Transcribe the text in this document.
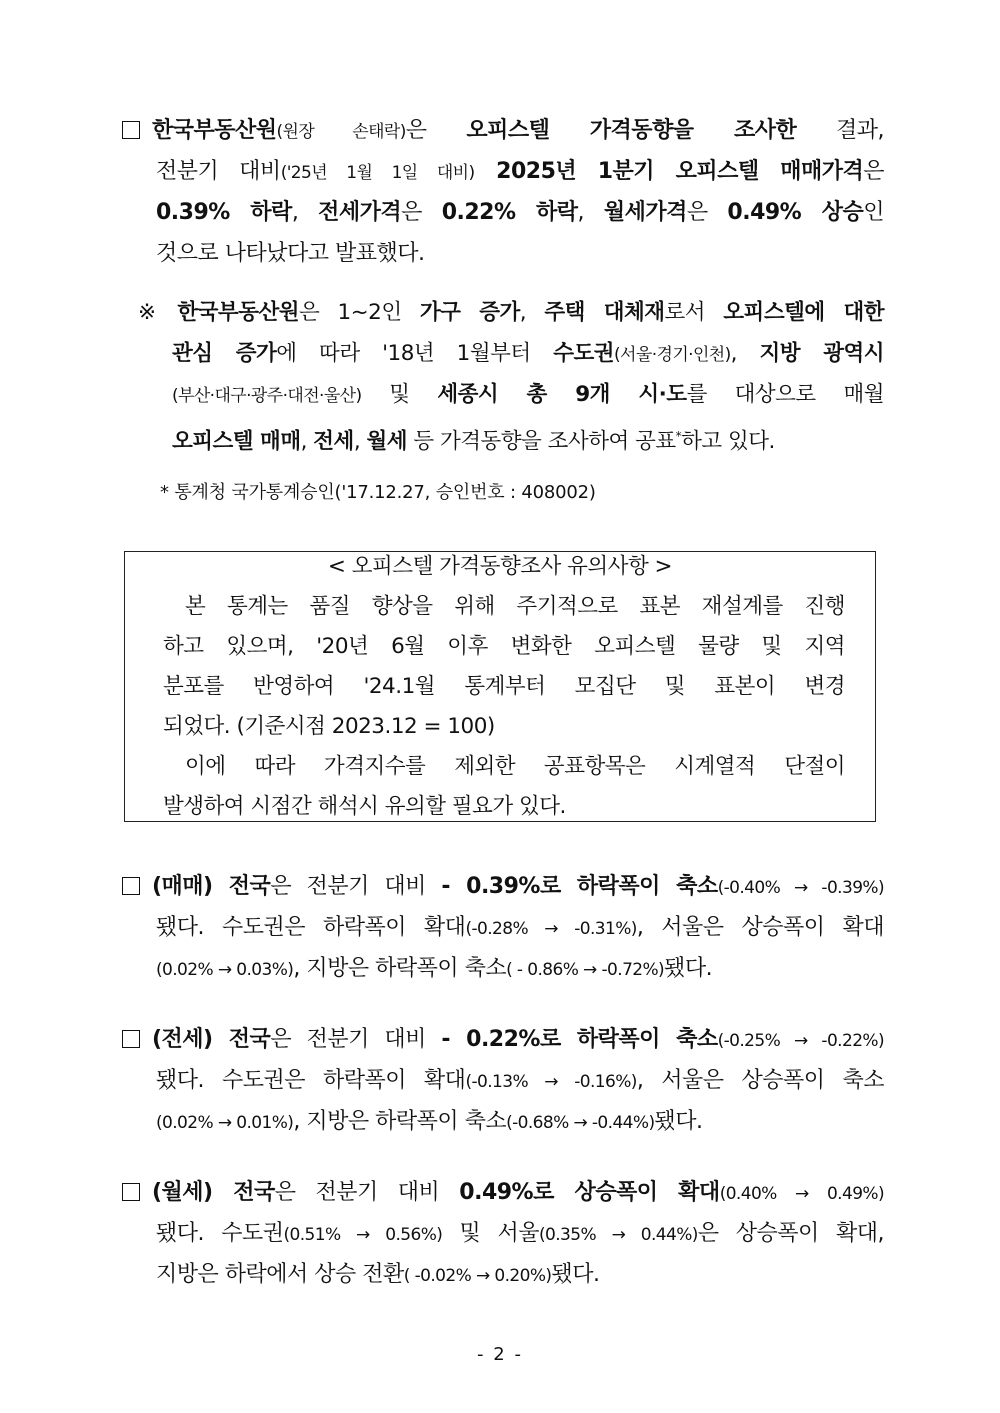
한국부동산원(원장 손태락)은 오피스텔 가격동향을 조사한 결과,
전분기 대비('25년 1월 1일 대비) 2025년 1분기 오피스텔 매매가격은
0.39% 하락, 전세가격은 0.22% 하락, 월세가격은 0.49% 상승인
것으로 나타났다고 발표했다.
※ 한국부동산원은 1~2인 가구 증가, 주택 대체재로서 오피스텔에 대한
관심 증가에 따라 '18년 1월부터 수도권(서울·경기·인천), 지방 광역시
(부산·대구·광주·대전·울산) 및 세종시 총 9개 시·도를 대상으로 매월
오피스텔 매매, 전세, 월세 등 가격동향을 조사하여 공표*하고 있다.
* 통계청 국가통계승인('17.12.27, 승인번호 : 408002)
< 오피스텔 가격동향조사 유의사항 >
본 통계는 품질 향상을 위해 주기적으로 표본 재설계를 진행
하고 있으며, '20년 6월 이후 변화한 오피스텔 물량 및 지역
분포를 반영하여 '24.1월 통계부터 모집단 및 표본이 변경
되었다. (기준시점 2023.12 = 100)
이에 따라 가격지수를 제외한 공표항목은 시계열적 단절이
발생하여 시점간 해석시 유의할 필요가 있다.
(매매) 전국은 전분기 대비 - 0.39%로 하락폭이 축소(-0.40% → -0.39%)
됐다. 수도권은 하락폭이 확대(-0.28% → -0.31%), 서울은 상승폭이 확대
(0.02% → 0.03%), 지방은 하락폭이 축소( - 0.86% → -0.72%)됐다.
(전세) 전국은 전분기 대비 - 0.22%로 하락폭이 축소(-0.25% → -0.22%)
됐다. 수도권은 하락폭이 확대(-0.13% → -0.16%), 서울은 상승폭이 축소
(0.02% → 0.01%), 지방은 하락폭이 축소(-0.68% → -0.44%)됐다.
(월세) 전국은 전분기 대비 0.49%로 상승폭이 확대(0.40% → 0.49%)
됐다. 수도권(0.51% → 0.56%) 및 서울(0.35% → 0.44%)은 상승폭이 확대,
지방은 하락에서 상승 전환( -0.02% → 0.20%)됐다.
- 2 -
